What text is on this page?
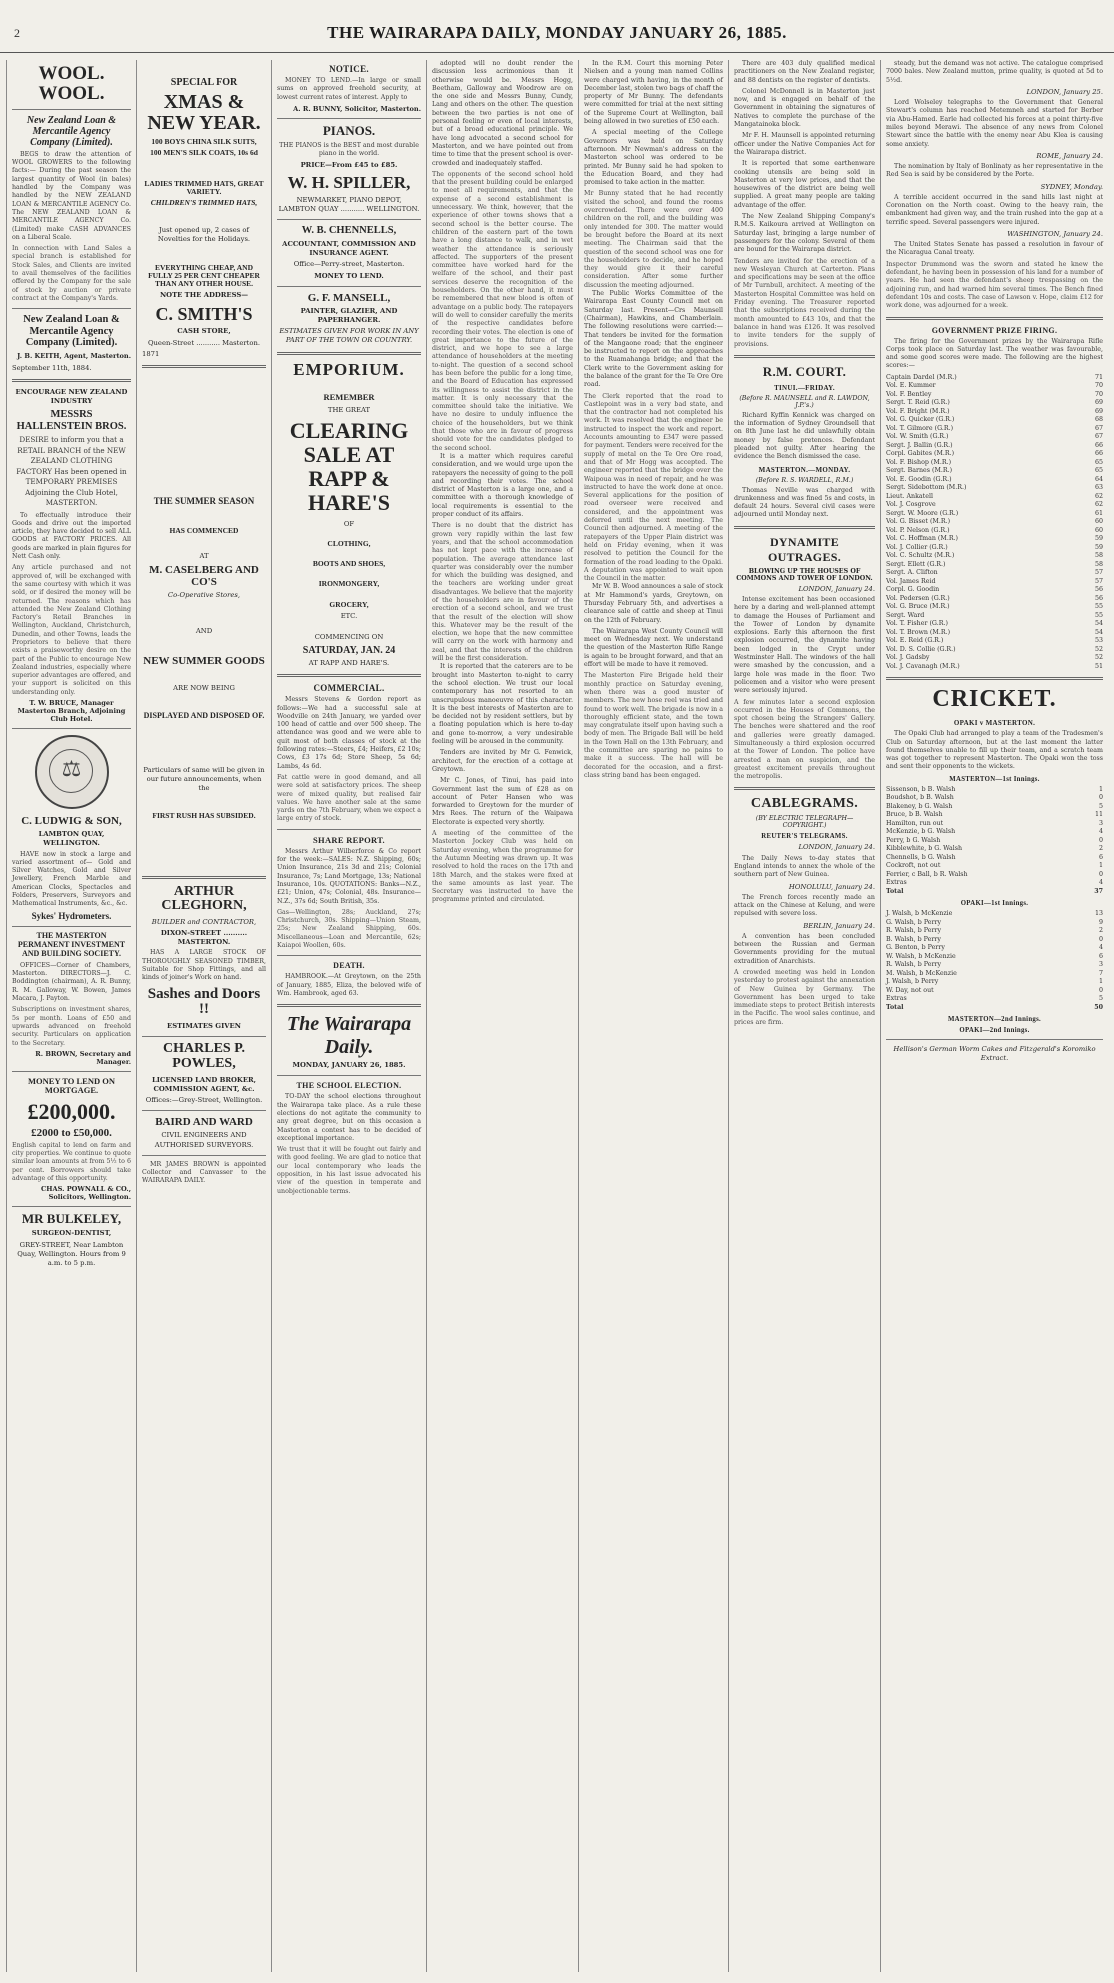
2	THE WAIRARAPA DAILY, MONDAY JANUARY 26, 1885.
WOOL. WOOL.
New Zealand Loan & Mercantile Agency Company (Limited).

BEGS to draw the attention of WOOL GROWERS to the following facts:— During the past season the largest quantity of Wool (in bales) handled by the Company was handled by the NEW ZEALAND LOAN & MERCANTILE AGENCY Co. The NEW ZEALAND LOAN & MERCANTILE AGENCY Co. (Limited) make CASH ADVANCES on a Liberal Scale.

In connection with Land Sales a special branch is established for Stock Sales, and Clients are invited to avail themselves of the facilities offered by the Company for the sale of stock by auction or private contract at the Company's Yards.

New Zealand Loan & Mercantile Agency Company (Limited).
J. B. KEITH, Agent, Masterton.
September 11th, 1884.
ENCOURAGE NEW ZEALAND INDUSTRY
MESSRS HALLENSTEIN BROS.

DESIRE to inform you that a RETAIL BRANCH of the NEW ZEALAND CLOTHING FACTORY Has been opened in TEMPORARY PREMISES Adjoining the Club Hotel, MASTERTON.

To effectually introduce their Goods and drive out the imported article, they have decided to sell ALL GOODS at FACTORY PRICES. All goods are marked in plain figures for Nett Cash only.

Any article purchased and not approved of, will be exchanged with the same courtesy with which it was sold, or if desired the money will be returned. The reasons which has attended the New Zealand Clothing Factory's Retail Branches in Wellington, Auckland, Christchurch, Dunedin, and other Towns, leads the Proprietors to believe that there exists a praiseworthy desire on the part of the Public to encourage New Zealand industries, especially where superior advantages are offered, and your support is solicited on this understanding only.

T. W. BRUCE, Manager Masterton Branch, Adjoining Club Hotel.
⚖
C. LUDWIG & SON,
LAMBTON QUAY, WELLINGTON.

HAVE now in stock a large and varied assortment of— Gold and Silver Watches, Gold and Silver Jewellery, French Marble and American Clocks, Spectacles and Folders, Preservers, Surveyors and Mathematical Instruments, &c., &c.

Sykes' Hydrometers.
THE MASTERTON PERMANENT INVESTMENT AND BUILDING SOCIETY.

OFFICES—Corner of Chambers, Masterton. DIRECTORS—J. C. Boddington (chairman), A. R. Bunny, R. M. Galloway, W. Bowen, James Macara, J. Payton.

Subscriptions on investment shares, 5s per month. Loans of £50 and upwards advanced on freehold security. Particulars on application to the Secretary.

R. BROWN, Secretary and Manager.
MONEY TO LEND ON MORTGAGE.
£200,000.
£2000 to £50,000.

English capital to lend on farm and city properties. We continue to quote similar loan amounts at from 5½ to 6 per cent. Borrowers should take advantage of this opportunity.

CHAS. POWNALL & CO., Solicitors, Wellington.
MR BULKELEY,
SURGEON-DENTIST,
GREY-STREET, Near Lambton Quay, Wellington. Hours from 9 a.m. to 5 p.m.
SPECIAL FOR
XMAS & NEW YEAR.
100 BOYS CHINA SILK SUITS,
100 MEN'S SILK COATS, 10s 6d
LADIES TRIMMED HATS, GREAT VARIETY.
CHILDREN'S TRIMMED HATS,
Just opened up, 2 cases of Novelties for the Holidays.
EVERYTHING CHEAP, AND FULLY 25 PER CENT CHEAPER THAN ANY OTHER HOUSE.
NOTE THE ADDRESS—
C. SMITH'S
CASH STORE,
Queen-Street ........... Masterton.
1871
THE SUMMER SEASON
HAS COMMENCED
AT
M. CASELBERG AND CO'S
Co-Operative Stores,
AND
NEW SUMMER GOODS
ARE NOW BEING
DISPLAYED AND DISPOSED OF.
Particulars of same will be given in our future announcements, when the
FIRST RUSH HAS SUBSIDED.
ARTHUR CLEGHORN,
BUILDER and CONTRACTOR,
DIXON-STREET .......... MASTERTON.

HAS A LARGE STOCK OF THOROUGHLY SEASONED TIMBER, Suitable for Shop Fittings, and all kinds of joiner's Work on hand.

Sashes and Doors !!
ESTIMATES GIVEN
CHARLES P. POWLES,
LICENSED LAND BROKER, COMMISSION AGENT, &c.
Offices:—Grey-Street, Wellington.
BAIRD AND WARD
CIVIL ENGINEERS AND AUTHORISED SURVEYORS.

MR JAMES BROWN is appointed Collector and Canvasser to the WAIRARAPA DAILY.

NOTICE.

MONEY TO LEND.—In large or small sums on approved freehold security, at lowest current rates of interest. Apply to

A. R. BUNNY, Solicitor, Masterton.
PIANOS.

THE PIANOS is the BEST and most durable piano in the world.

PRICE—From £45 to £85.
W. H. SPILLER,
NEWMARKET, PIANO DEPOT, LAMBTON QUAY ........... WELLINGTON.
W. B. CHENNELLS,
ACCOUNTANT, COMMISSION AND INSURANCE AGENT.
Office—Perry-street, Masterton.
MONEY TO LEND.
G. F. MANSELL,
PAINTER, GLAZIER, AND PAPERHANGER.
ESTIMATES GIVEN FOR WORK IN ANY PART OF THE TOWN OR COUNTRY.
EMPORIUM.
REMEMBER
THE GREAT
CLEARING SALE AT RAPP & HARE'S
OF
CLOTHING,
BOOTS AND SHOES,
IRONMONGERY,
GROCERY,
ETC.
COMMENCING ON
SATURDAY, JAN. 24
AT RAPP AND HARE'S.
COMMERCIAL.

Messrs Stevens & Gordon report as follows:—We had a successful sale at Woodville on 24th January, we yarded over 100 head of cattle and over 500 sheep. The attendance was good and we were able to quit most of both classes of stock at the following rates:—Steers, £4; Heifers, £2 10s; Cows, £3 17s 6d; Store Sheep, 5s 6d; Lambs, 4s 6d.

Fat cattle were in good demand, and all were sold at satisfactory prices. The sheep were of mixed quality, but realised fair values. We have another sale at the same yards on the 7th February, when we expect a large entry of stock.

SHARE REPORT.

Messrs Arthur Wilberforce & Co report for the week:—SALES: N.Z. Shipping, 60s; Union Insurance, 21s 3d and 21s; Colonial Insurance, 7s; Land Mortgage, 13s; National Insurance, 10s. QUOTATIONS: Banks—N.Z., £21; Union, 47s; Colonial, 48s. Insurance—N.Z., 37s 6d; South British, 35s.

Gas—Wellington, 28s; Auckland, 27s; Christchurch, 30s. Shipping—Union Steam, 25s; New Zealand Shipping, 60s. Miscellaneous—Loan and Mercantile, 62s; Kaiapoi Woollen, 60s.

DEATH.

HAMBROOK.—At Greytown, on the 25th of January, 1885, Eliza, the beloved wife of Wm. Hambrook, aged 63.

The Wairarapa Daily.
MONDAY, JANUARY 26, 1885.
THE SCHOOL ELECTION.

TO-DAY the school elections throughout the Wairarapa take place. As a rule these elections do not agitate the community to any great degree, but on this occasion a Masterton a contest has to be decided of exceptional importance.

We trust that it will be fought out fairly and with good feeling. We are glad to notice that our local contemporary who leads the opposition, in his last issue advocated his view of the question in temperate and unobjectionable terms.

adopted will no doubt render the discussion less acrimonious than it otherwise would be. Messrs Hogg, Beetham, Galloway and Woodrow are on the one side and Messrs Bunny, Cundy, Lang and others on the other. The question between the two parties is not one of personal feeling or even of local interests, but of a broad educational principle. We have long advocated a second school for Masterton, and we have pointed out from time to time that the present school is over-crowded and inadequately staffed.

The opponents of the second school hold that the present building could be enlarged to meet all requirements, and that the expense of a second establishment is unnecessary. We think, however, that the experience of other towns shows that a second school is the better course. The children of the eastern part of the town have a long distance to walk, and in wet weather the attendance is seriously affected. The supporters of the present committee have worked hard for the welfare of the school, and their past services deserve the recognition of the householders. On the other hand, it must be remembered that new blood is often of advantage on a public body. The ratepayers will do well to consider carefully the merits of the respective candidates before recording their votes. The election is one of great importance to the future of the district, and we hope to see a large attendance of householders at the meeting to-night. The question of a second school has been before the public for a long time, and the Board of Education has expressed its willingness to assist the district in the matter. It is only necessary that the committee should take the initiative. We have no desire to unduly influence the choice of the householders, but we think that those who are in favour of progress should vote for the candidates pledged to the second school.

It is a matter which requires careful consideration, and we would urge upon the ratepayers the necessity of going to the poll and recording their votes. The school district of Masterton is a large one, and a committee with a thorough knowledge of local requirements is essential to the proper conduct of its affairs.

There is no doubt that the district has grown very rapidly within the last few years, and that the school accommodation has not kept pace with the increase of population. The average attendance last quarter was considerably over the number for which the building was designed, and the teachers are working under great disadvantages. We believe that the majority of the householders are in favour of the erection of a second school, and we trust that the result of the election will show this. Whatever may be the result of the election, we hope that the new committee will carry on the work with harmony and zeal, and that the interests of the children will be the first consideration.

It is reported that the caterers are to be brought into Masterton to-night to carry the school election. We trust our local contemporary has not resorted to an unscrupulous manoeuvre of this character. It is the best interests of Masterton are to be decided not by resident settlers, but by a floating population which is here to-day and gone to-morrow, a very undesirable feeling will be aroused in the community.

Tenders are invited by Mr G. Fenwick, architect, for the erection of a cottage at Greytown.

Mr C. Jones, of Tinui, has paid into Government last the sum of £28 as on account of Peter Hansen who was forwarded to Greytown for the murder of Mrs Rees. The return of the Waipawa Electorate is expected very shortly.

A meeting of the committee of the Masterton Jockey Club was held on Saturday evening, when the programme for the Autumn Meeting was drawn up. It was resolved to hold the races on the 17th and 18th March, and the stakes were fixed at the same amounts as last year. The Secretary was instructed to have the programme printed and circulated.

In the R.M. Court this morning Peter Nielsen and a young man named Collins were charged with having, in the month of December last, stolen two bags of chaff the property of Mr Bunny. The defendants were committed for trial at the next sitting of the Supreme Court at Wellington, bail being allowed in two sureties of £50 each.

A special meeting of the College Governors was held on Saturday afternoon. Mr Newman's address on the Masterton school was ordered to be printed. Mr Bunny said he had spoken to the Education Board, and they had promised to take action in the matter.

Mr Bunny stated that he had recently visited the school, and found the rooms overcrowded. There were over 400 children on the roll, and the building was only intended for 300. The matter would be brought before the Board at its next meeting. The Chairman said that the question of the second school was one for the householders to decide, and he hoped they would give it their careful consideration. After some further discussion the meeting adjourned.

The Public Works Committee of the Wairarapa East County Council met on Saturday last. Present—Crs Maunsell (Chairman), Hawkins, and Chamberlain. The following resolutions were carried:— That tenders be invited for the formation of the Mangaone road; that the engineer be instructed to report on the approaches to the Ruamahanga bridge; and that the Clerk write to the Government asking for the balance of the grant for the Te Ore Ore road.

The Clerk reported that the road to Castlepoint was in a very bad state, and that the contractor had not completed his work. It was resolved that the engineer be instructed to inspect the work and report. Accounts amounting to £347 were passed for payment. Tenders were received for the supply of metal on the Te Ore Ore road, and that of Mr Hogg was accepted. The engineer reported that the bridge over the Waipoua was in need of repair, and he was instructed to have the work done at once. Several applications for the position of road overseer were received and considered, and the appointment was deferred until the next meeting. The Council then adjourned. A meeting of the ratepayers of the Upper Plain district was held on Friday evening, when it was resolved to petition the Council for the formation of the road leading to the Opaki. A deputation was appointed to wait upon the Council in the matter.

Mr W. B. Wood announces a sale of stock at Mr Hammond's yards, Greytown, on Thursday February 5th, and advertises a clearance sale of cattle and sheep at Tinui on the 12th of February.

The Wairarapa West County Council will meet on Wednesday next. We understand the question of the Masterton Rifle Range is again to be brought forward, and that an effort will be made to have it removed.

The Masterton Fire Brigade held their monthly practice on Saturday evening, when there was a good muster of members. The new hose reel was tried and found to work well. The brigade is now in a thoroughly efficient state, and the town may congratulate itself upon having such a body of men. The Brigade Ball will be held in the Town Hall on the 13th February, and the committee are sparing no pains to make it a success. The hall will be decorated for the occasion, and a first-class string band has been engaged.

There are 403 duly qualified medical practitioners on the New Zealand register, and 88 dentists on the register of dentists.

Colonel McDonnell is in Masterton just now, and is engaged on behalf of the Government in obtaining the signatures of Natives to complete the purchase of the Mangatainoka block.

Mr F. H. Maunsell is appointed returning officer under the Native Companies Act for the Wairarapa district.

It is reported that some earthenware cooking utensils are being sold in Masterton at very low prices, and that the housewives of the district are being well supplied. A great many people are taking advantage of the offer.

The New Zealand Shipping Company's R.M.S. Kaikoura arrived at Wellington on Saturday last, bringing a large number of passengers for the colony. Several of them are bound for the Wairarapa district.

Tenders are invited for the erection of a new Wesleyan Church at Carterton. Plans and specifications may be seen at the office of Mr Turnbull, architect. A meeting of the Masterton Hospital Committee was held on Friday evening. The Treasurer reported that the subscriptions received during the month amounted to £43 10s, and that the balance in hand was £126. It was resolved to invite tenders for the supply of provisions.

R.M. COURT.
TINUI.—FRIDAY.
(Before R. MAUNSELL and R. LAWDON, J.P.'s.)

Richard Kyffin Kennick was charged on the information of Sydney Groundsell that on 8th June last he did unlawfully obtain money by false pretences. Defendant pleaded not guilty. After hearing the evidence the Bench dismissed the case.

MASTERTON.—MONDAY.
(Before R. S. WARDELL, R.M.)

Thomas Neville was charged with drunkenness and was fined 5s and costs, in default 24 hours. Several civil cases were adjourned until Monday next.

DYNAMITE OUTRAGES.
BLOWING UP THE HOUSES OF COMMONS AND TOWER OF LONDON.
LONDON, January 24.

Intense excitement has been occasioned here by a daring and well-planned attempt to damage the Houses of Parliament and the Tower of London by dynamite explosions. Early this afternoon the first explosion occurred, the dynamite having been lodged in the Crypt under Westminster Hall. The windows of the hall were smashed by the concussion, and a large hole was made in the floor. Two policemen and a visitor who were present were seriously injured.

A few minutes later a second explosion occurred in the Houses of Commons, the spot chosen being the Strangers' Gallery. The benches were shattered and the roof and galleries were greatly damaged. Simultaneously a third explosion occurred at the Tower of London. The police have arrested a man on suspicion, and the greatest excitement prevails throughout the metropolis.

CABLEGRAMS.
(BY ELECTRIC TELEGRAPH—COPYRIGHT.)
REUTER'S TELEGRAMS.
LONDON, January 24.

The Daily News to-day states that England intends to annex the whole of the southern part of New Guinea.

HONOLULU, January 24.

The French forces recently made an attack on the Chinese at Kelung, and were repulsed with severe loss.

BERLIN, January 24.

A convention has been concluded between the Russian and German Governments providing for the mutual extradition of Anarchists.

A crowded meeting was held in London yesterday to protest against the annexation of New Guinea by Germany. The Government has been urged to take immediate steps to protect British interests in the Pacific. The wool sales continue, and prices are firm.

steady, but the demand was not active. The catalogue comprised 7000 bales. New Zealand mutton, prime quality, is quoted at 5d to 5½d.

LONDON, January 25.

Lord Wolseley telegraphs to the Government that General Stewart's column has reached Metemneh and started for Berber via Abu-Hamed. Earle had collected his forces at a point thirty-five miles beyond Merawi. The absence of any news from Colonel Stewart since the battle with the enemy near Abu Klea is causing some anxiety.

ROME, January 24.

The nomination by Italy of Bonlinaty as her representative in the Red Sea is said by be considered by the Porte.

SYDNEY, Monday.

A terrible accident occurred in the sand hills last night at Coronation on the North coast. Owing to the heavy rain, the embankment had given way, and the train rushed into the gap at a terrific speed. Several passengers were injured.

WASHINGTON, January 24.

The United States Senate has passed a resolution in favour of the Nicaragua Canal treaty.

Inspector Drummond was the sworn and stated he knew the defendant, he having been in possession of his land for a number of years. He had seen the defendant's sheep trespassing on the adjoining run, and had warned him several times. The Bench fined defendant 10s and costs. The case of Lawson v. Hope, claim £12 for work done, was adjourned for a week.

GOVERNMENT PRIZE FIRING.

The firing for the Government prizes by the Wairarapa Rifle Corps took place on Saturday last. The weather was favourable, and some good scores were made. The following are the highest scores:—

Captain Dardel (M.R.)	71
Vol. E. Kummer	70
Vol. F. Bentley	70
Sergt. T. Reid (G.R.)	69
Vol. F. Bright (M.R.)	69
Vol. G. Quicker (G.R.)	68
Vol. T. Gilmore (G.R.)	67
Vol. W. Smith (G.R.)	67
Sergt. J. Ballin (G.R.)	66
Corpl. Gabites (M.R.)	66
Vol. F. Bishop (M.R.)	65
Sergt. Barnes (M.R.)	65
Vol. E. Goodin (G.R.)	64
Sergt. Sidebottom (M.R.)	63
Lieut. Ankatell	62
Vol. J. Cosgrove	62
Sergt. W. Moore (G.R.)	61
Vol. G. Bisset (M.R.)	60
Vol. P. Nelson (G.R.)	60
Vol. C. Hoffman (M.R.)	59
Vol. J. Collier (G.R.)	59
Vol. C. Schultz (M.R.)	58
Sergt. Ellett (G.R.)	58
Sergt. A. Clifton	57
Vol. James Reid	57
Corpl. G. Goodin	56
Vol. Pedersen (G.R.)	56
Vol. G. Bruce (M.R.)	55
Sergt. Ward	55
Vol. T. Fisher (G.R.)	54
Vol. T. Brown (M.R.)	54
Vol. E. Reid (G.R.)	53
Vol. D. S. Collie (G.R.)	52
Vol. J. Gadsby	52
Vol. J. Cavanagh (M.R.)	51
CRICKET.
OPAKI v MASTERTON.

The Opaki Club had arranged to play a team of the Tradesmen's Club on Saturday afternoon, but at the last moment the latter found themselves unable to fill up their team, and a scratch team was got together to represent Masterton. The Opaki won the toss and sent their opponents to the wickets.

MASTERTON—1st Innings.
Sissenson, b B. Walsh	1
Boudshot, b B. Walsh	0
Blakeney, b G. Walsh	5
Bruce, b B. Walsh	11
Hamilton, run out	3
McKenzie, b G. Walsh	4
Perry, b G. Walsh	0
Kibblewhite, b G. Walsh	2
Chennells, b G. Walsh	6
Cockroft, not out	1
Ferrier, c Ball, b R. Walsh	0
Extras	4
Total	37
OPAKI—1st Innings.
J. Walsh, b McKenzie	13
G. Walsh, b Perry	9
R. Walsh, b Perry	2
B. Walsh, b Perry	0
G. Benton, b Perry	4
W. Walsh, b McKenzie	6
R. Walsh, b Perry	3
M. Walsh, b McKenzie	7
J. Walsh, b Perry	1
W. Day, not out	0
Extras	5
Total	50
MASTERTON—2nd Innings.
OPAKI—2nd Innings.
Hellison's German Worm Cakes and Fitzgerald's Koromiko Extract.
